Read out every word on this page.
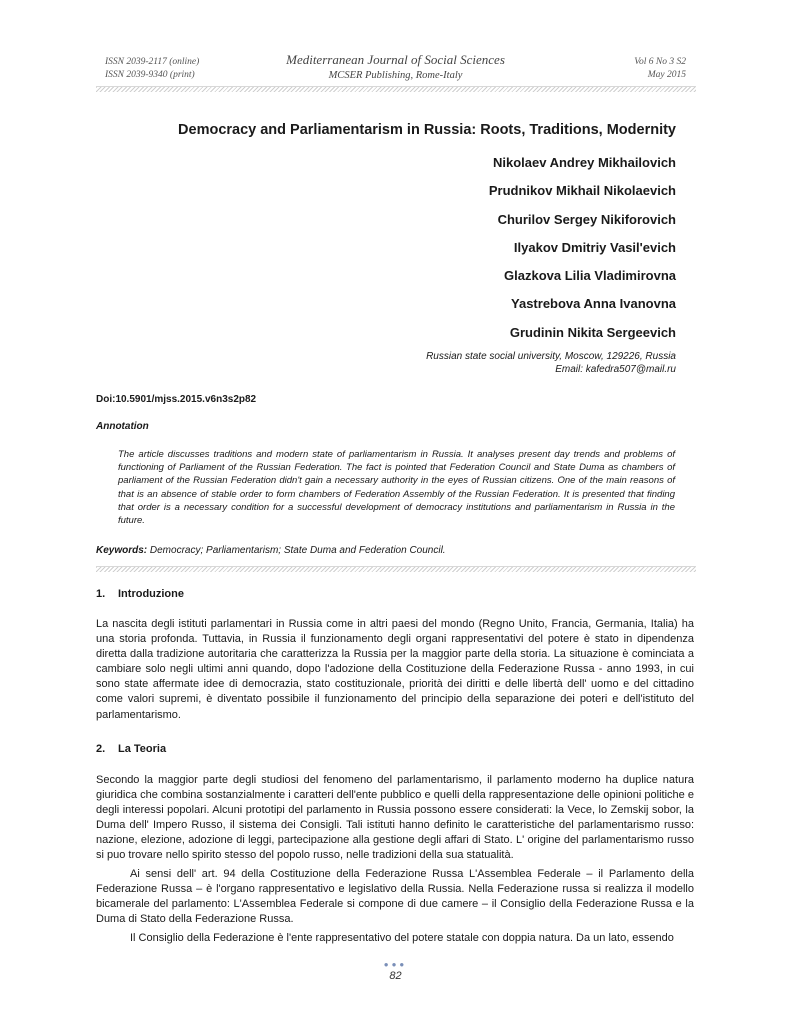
ISSN 2039-2117 (online)
ISSN 2039-9340 (print)
Mediterranean Journal of Social Sciences
MCSER Publishing, Rome-Italy
Vol 6 No 3 S2
May 2015
Democracy and Parliamentarism in Russia: Roots, Traditions, Modernity
Nikolaev Andrey Mikhailovich
Prudnikov Mikhail Nikolaevich
Churilov Sergey Nikiforovich
Ilyakov Dmitriy Vasil'evich
Glazkova Lilia Vladimirovna
Yastrebova Anna Ivanovna
Grudinin Nikita Sergeevich
Russian state social university, Moscow, 129226, Russia
Email: kafedra507@mail.ru
Doi:10.5901/mjss.2015.v6n3s2p82
Annotation
The article discusses traditions and modern state of parliamentarism in Russia. It analyses present day trends and problems of functioning of Parliament of the Russian Federation. The fact is pointed that Federation Council and State Duma as chambers of parliament of the Russian Federation didn't gain a necessary authority in the eyes of Russian citizens. One of the main reasons of that is an absence of stable order to form chambers of Federation Assembly of the Russian Federation. It is presented that finding that order is a necessary condition for a successful development of democracy institutions and parliamentarism in Russia in the future.
Keywords: Democracy; Parliamentarism; State Duma and Federation Council.
1. Introduzione
La nascita degli istituti parlamentari in Russia come in altri paesi del mondo (Regno Unito, Francia, Germania, Italia) ha una storia profonda. Tuttavia, in Russia il funzionamento degli organi rappresentativi del potere è stato in dipendenza diretta dalla tradizione autoritaria che caratterizza la Russia per la maggior parte della storia. La situazione è cominciata a cambiare solo negli ultimi anni quando, dopo l'adozione della Costituzione della Federazione Russa - anno 1993, in cui sono state affermate idee di democrazia, stato costituzionale, priorità dei diritti e delle libertà dell' uomo e del cittadino come valori supremi, è diventato possibile il funzionamento del principio della separazione dei poteri e dell'istituto del parlamentarismo.
2. La Teoria
Secondo la maggior parte degli studiosi del fenomeno del parlamentarismo, il parlamento moderno ha duplice natura giuridica che combina sostanzialmente i caratteri dell'ente pubblico e quelli della rappresentazione delle opinioni politiche e degli interessi popolari. Alcuni prototipi del parlamento in Russia possono essere considerati: la Vece, lo Zemskij sobor, la Duma dell' Impero Russo, il sistema dei Consigli. Tali istituti hanno definito le caratteristiche del parlamentarismo russo: nazione, elezione, adozione di leggi, partecipazione alla gestione degli affari di Stato. L' origine del parlamentarismo russo si puo trovare nello spirito stesso del popolo russo, nelle tradizioni della sua statualità.
Ai sensi dell' art. 94 della Costituzione della Federazione Russa L'Assemblea Federale – il Parlamento della Federazione Russa – è l'organo rappresentativo e legislativo della Russia. Nella Federazione russa si realizza il modello bicamerale del parlamento: L'Assemblea Federale si compone di due camere – il Consiglio della Federazione Russa e la Duma di Stato della Federazione Russa.
Il Consiglio della Federazione è l'ente rappresentativo del potere statale con doppia natura. Da un lato, essendo
●●●
82
